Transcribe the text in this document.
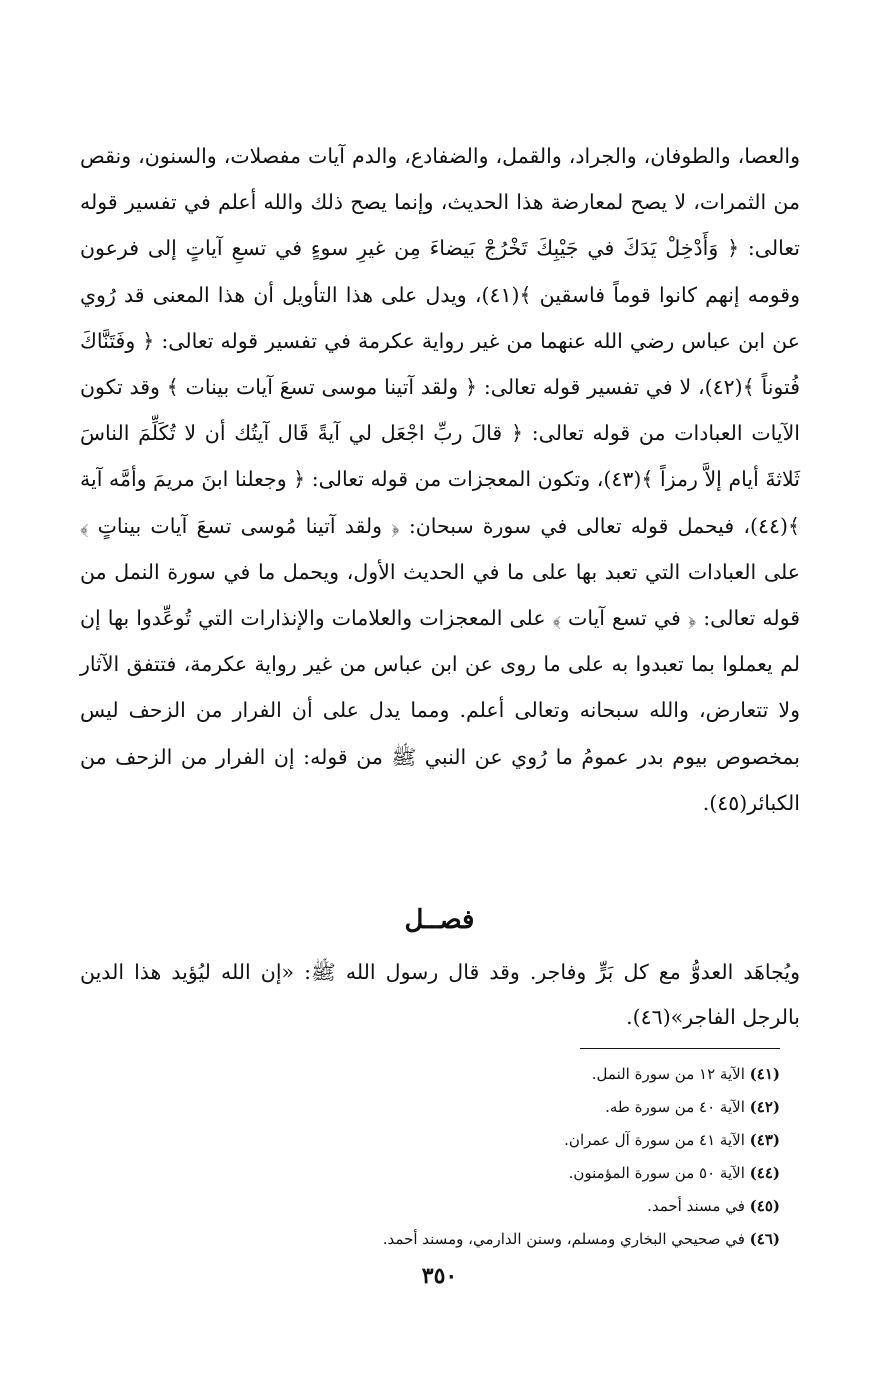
والعصا، والطوفان، والجراد، والقمل، والضفادع، والدم آيات مفصلات، والسنون، ونقص من الثمرات، لا يصح لمعارضة هذا الحديث، وإنما يصح ذلك والله أعلم في تفسير قوله تعالى: ﴿ وَأَدْخِلْ يَدَكَ في جَيْبِكَ تَخْرُجْ بَيضاءَ مِن غيرِ سوءٍ في تسعِ آياتٍ إلى فرعون وقومه إنهم كانوا قوماً فاسقين ﴾(٤١)، ويدل على هذا التأويل أن هذا المعنى قد رُوي عن ابن عباس رضي الله عنهما من غير رواية عكرمة في تفسير قوله تعالى: ﴿ وفَتَنَّاكَ فُتوناً ﴾(٤٢)، لا في تفسير قوله تعالى: ﴿ ولقد آتينا موسى تسعَ آيات بينات ﴾ وقد تكون الآيات العبادات من قوله تعالى: ﴿ قالَ ربِّ اجْعَل لي آيةً قَال آيتُك أن لا تُكَلِّمَ الناسَ ثَلاثةَ أيام إلاَّ رمزاً ﴾(٤٣)، وتكون المعجزات من قوله تعالى: ﴿ وجعلنا ابنَ مريمَ وأمَّه آية ﴾(٤٤)، فيحمل قوله تعالى في سورة سبحان: ﴿ ولقد آتينا مُوسى تسعَ آيات بيناتٍ ﴾ على العبادات التي تعبد بها على ما في الحديث الأول، ويحمل ما في سورة النمل من قوله تعالى: ﴿ في تسع آيات ﴾ على المعجزات والعلامات والإنذارات التي تُوعِّدوا بها إن لم يعملوا بما تعبدوا به على ما روى عن ابن عباس من غير رواية عكرمة، فتتفق الآثار ولا تتعارض، والله سبحانه وتعالى أعلم. ومما يدل على أن الفرار من الزحف ليس بمخصوص بيوم بدر عمومُ ما رُوي عن النبي ﷺ من قوله: إن الفرار من الزحف من الكبائر(٤٥).

فصــل

ويُجاهَد العدوُّ مع كل بَرٍّ وفاجر. وقد قال رسول الله ﷺ: «إن الله ليُؤيد هذا الدين بالرجل الفاجر»(٤٦).

(٤١) الآية ١٢ من سورة النمل.
(٤٢) الآية ٤٠ من سورة طه.
(٤٣) الآية ٤١ من سورة آل عمران.
(٤٤) الآية ٥٠ من سورة المؤمنون.
(٤٥) في مسند أحمد.
(٤٦) في صحيحي البخاري ومسلم، وسنن الدارمي، ومسند أحمد.
٣٥٠
